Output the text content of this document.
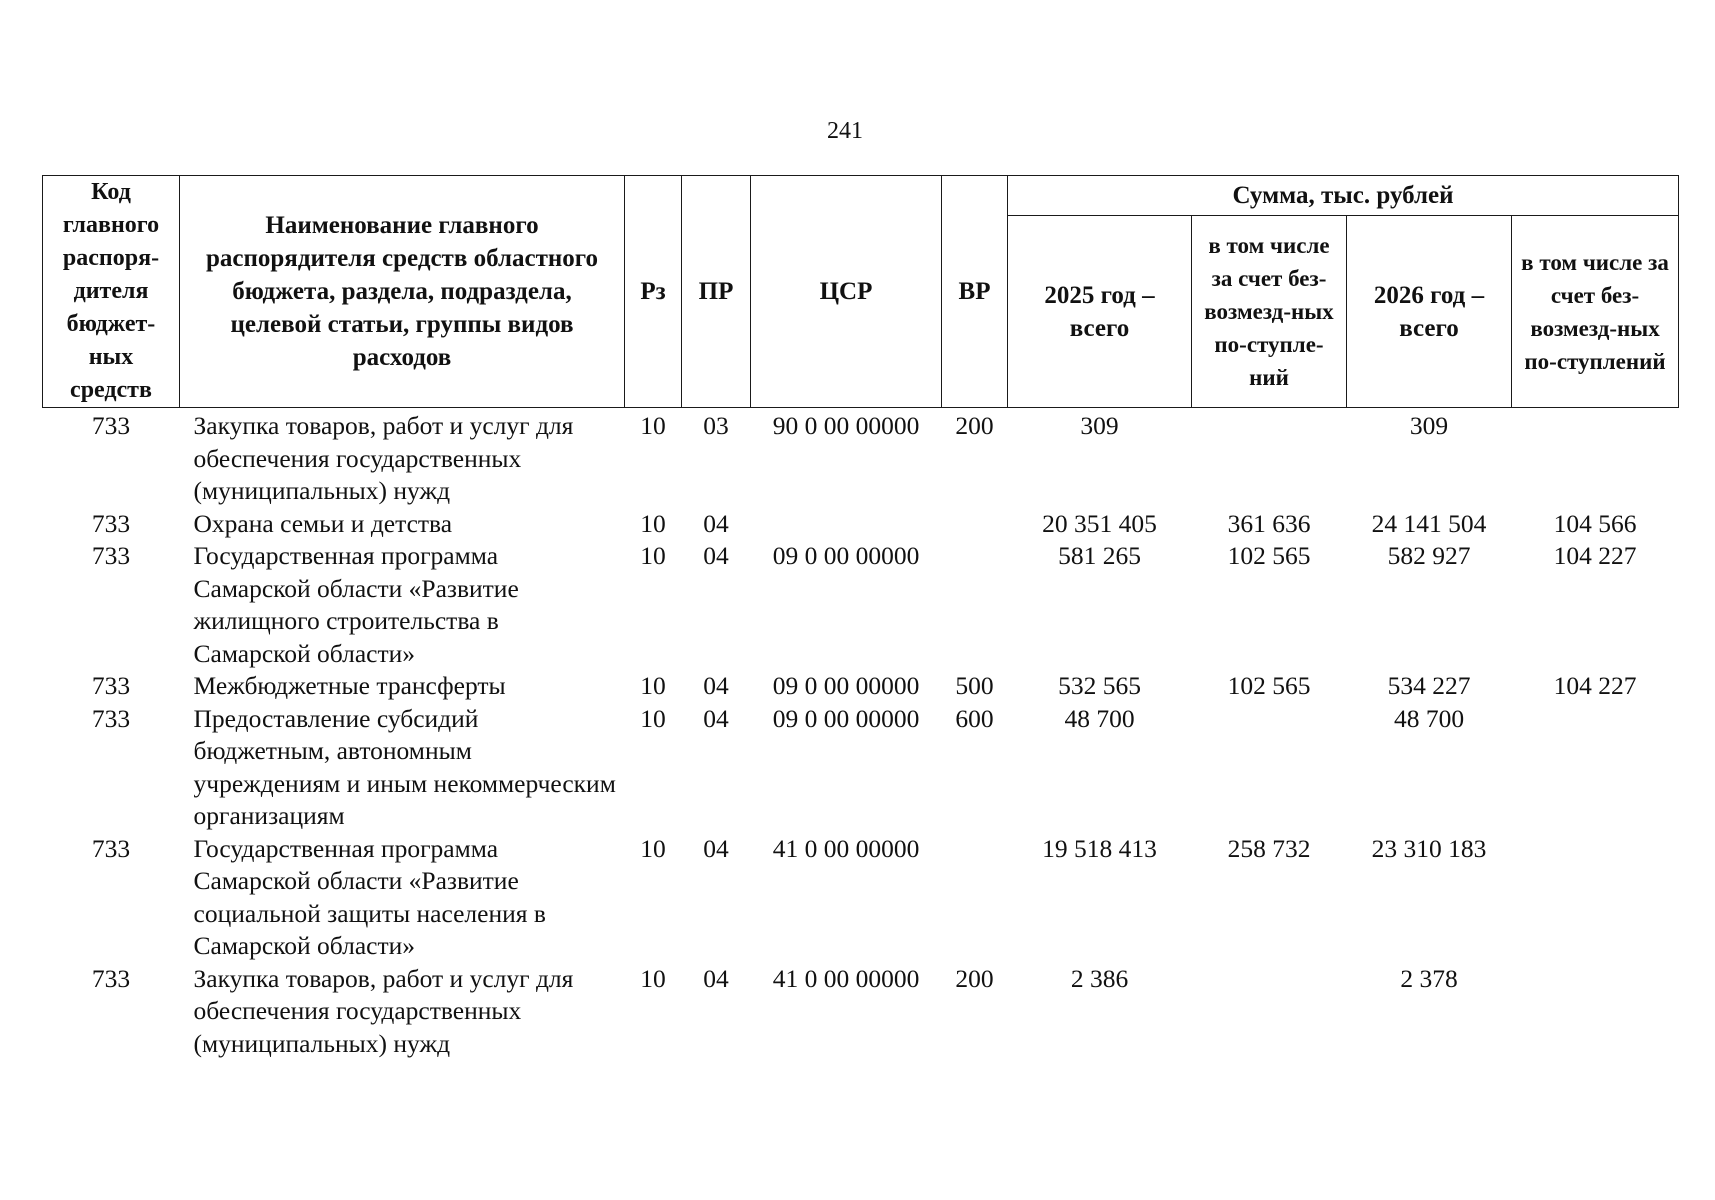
241
Код главного распоря-дителя бюджет-ных средств	Наименование главного распорядителя средств областного бюджета, раздела, подраздела, целевой статьи, группы видов расходов	Рз	ПР	ЦСР	ВР	Сумма, тыс. рублей			
						2025 год – всего	в том числе за счет без-возмезд-ных по-ступле-ний	2026 год – всего	в том числе за счет без-возмезд-ных по-ступлений
733	Закупка товаров, работ и услуг для обеспечения государственных (муниципальных) нужд	10	03	90 0 00 00000	200	309		309	
733	Охрана семьи и детства	10	04			20 351 405	361 636	24 141 504	104 566
733	Государственная программа Самарской области «Развитие жилищного строительства в Самарской области»	10	04	09 0 00 00000		581 265	102 565	582 927	104 227
733	Межбюджетные трансферты	10	04	09 0 00 00000	500	532 565	102 565	534 227	104 227
733	Предоставление субсидий бюджетным, автономным учреждениям и иным некоммерческим организациям	10	04	09 0 00 00000	600	48 700		48 700	
733	Государственная программа Самарской области «Развитие социальной защиты населения в Самарской области»	10	04	41 0 00 00000		19 518 413	258 732	23 310 183	
733	Закупка товаров, работ и услуг для обеспечения государственных (муниципальных) нужд	10	04	41 0 00 00000	200	2 386		2 378	
